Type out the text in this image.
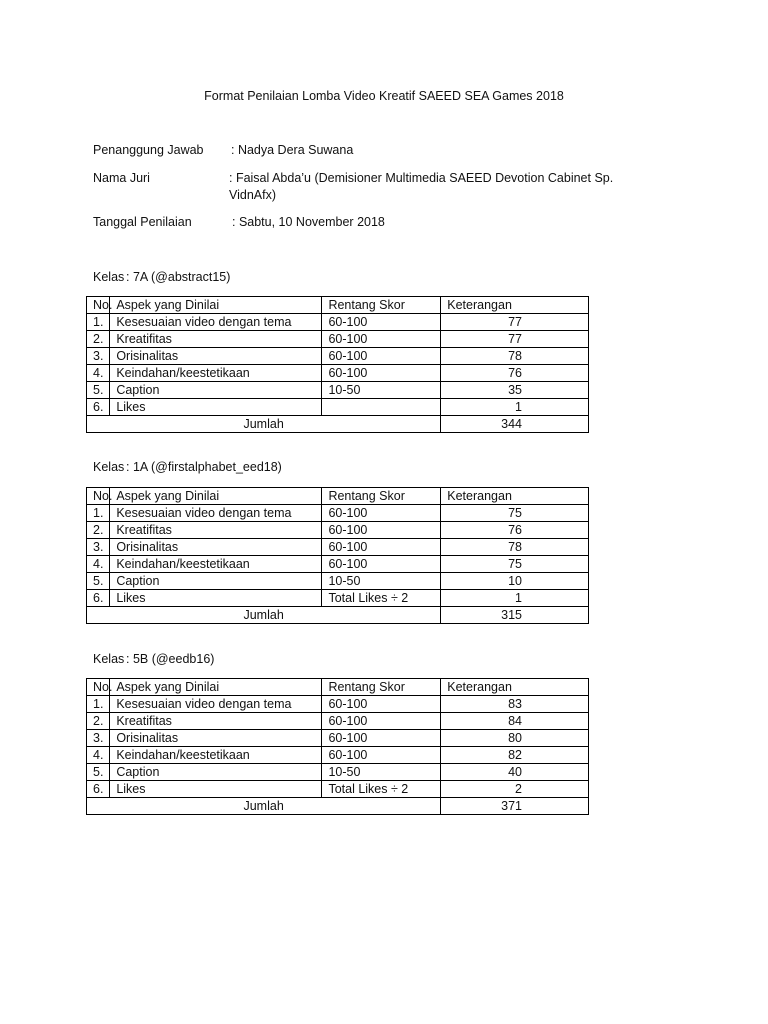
Format Penilaian Lomba Video Kreatif SAEED SEA Games 2018
Penanggung Jawab : Nadya Dera Suwana
Nama Juri	: Faisal Abda’u (Demisioner Multimedia SAEED Devotion Cabinet Sp. VidnAfx)
Tanggal Penilaian	: Sabtu, 10 November 2018
Kelas : 7A (@abstract15)
No.	Aspek yang Dinilai	Rentang Skor	Keterangan
1.	Kesesuaian video dengan tema	60-100	77
2.	Kreatifitas	60-100	77
3.	Orisinalitas	60-100	78
4.	Keindahan/keestetikaan	60-100	76
5.	Caption	10-50	35
6.	Likes		1
Jumlah			344
Kelas : 1A (@firstalphabet_eed18)
No.	Aspek yang Dinilai	Rentang Skor	Keterangan
1.	Kesesuaian video dengan tema	60-100	75
2.	Kreatifitas	60-100	76
3.	Orisinalitas	60-100	78
4.	Keindahan/keestetikaan	60-100	75
5.	Caption	10-50	10
6.	Likes	Total Likes ÷ 2	1
Jumlah			315
Kelas : 5B (@eedb16)
No.	Aspek yang Dinilai	Rentang Skor	Keterangan
1.	Kesesuaian video dengan tema	60-100	83
2.	Kreatifitas	60-100	84
3.	Orisinalitas	60-100	80
4.	Keindahan/keestetikaan	60-100	82
5.	Caption	10-50	40
6.	Likes	Total Likes ÷ 2	2
Jumlah			371
